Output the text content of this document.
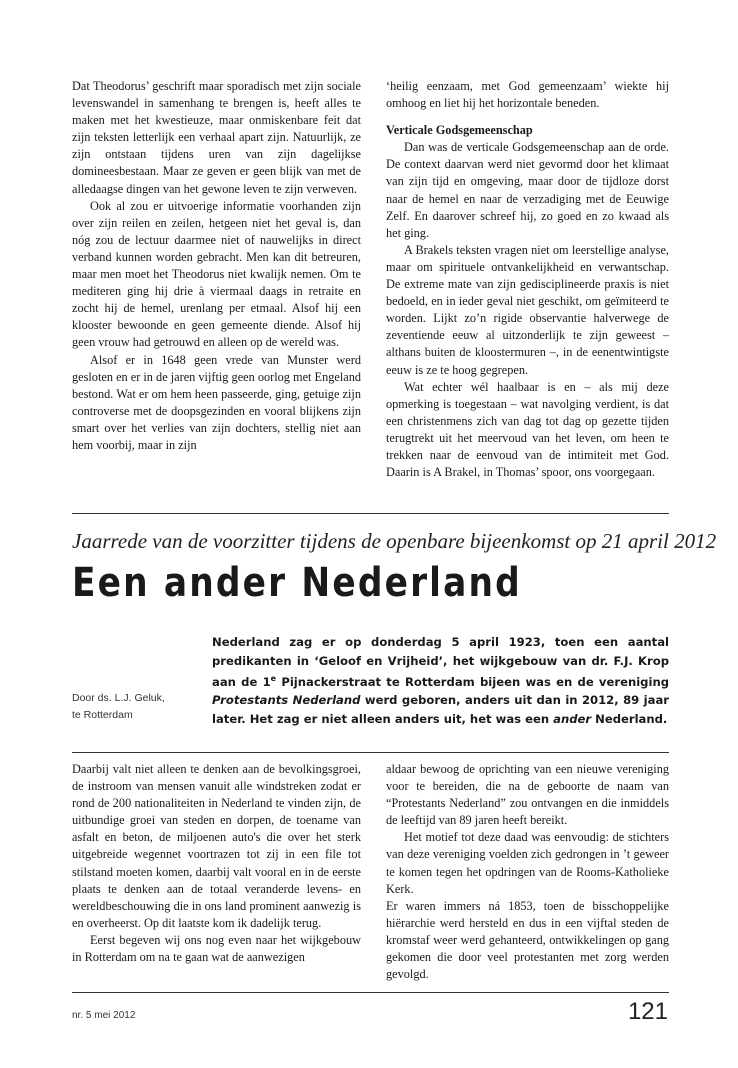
Dat Theodorus’ geschrift maar sporadisch met zijn sociale levenswandel in samenhang te brengen is, heeft alles te maken met het kwestieuze, maar onmiskenbare feit dat zijn teksten letterlijk een verhaal apart zijn. Natuurlijk, ze zijn ontstaan tijdens uren van zijn dagelijkse domineesbestaan. Maar ze geven er geen blijk van met de alledaagse dingen van het gewone leven te zijn verweven.

Ook al zou er uitvoerige informatie voorhanden zijn over zijn reilen en zeilen, hetgeen niet het geval is, dan nóg zou de lectuur daarmee niet of nauwelijks in direct verband kunnen worden gebracht. Men kan dit betreuren, maar men moet het Theodorus niet kwalijk nemen. Om te mediteren ging hij drie à viermaal daags in retraite en zocht hij de hemel, urenlang per etmaal. Alsof hij een klooster bewoonde en geen gemeente diende. Alsof hij geen vrouw had getrouwd en alleen op de wereld was.

Alsof er in 1648 geen vrede van Munster werd gesloten en er in de jaren vijftig geen oorlog met Engeland bestond. Wat er om hem heen passeerde, ging, getuige zijn controverse met de doopsgezinden en vooral blijkens zijn smart over het verlies van zijn dochters, stellig niet aan hem voorbij, maar in zijn

‘heilig eenzaam, met God gemeenzaam’ wiekte hij omhoog en liet hij het horizontale beneden.

Verticale Godsgemeenschap

Dan was de verticale Godsgemeenschap aan de orde. De context daarvan werd niet gevormd door het klimaat van zijn tijd en omgeving, maar door de tijdloze dorst naar de hemel en naar de verzadiging met de Eeuwige Zelf. En daarover schreef hij, zo goed en zo kwaad als het ging.

A Brakels teksten vragen niet om leerstellige analyse, maar om spirituele ontvankelijkheid en verwantschap. De extreme mate van zijn gedisciplineerde praxis is niet bedoeld, en in ieder geval niet geschikt, om geïmiteerd te worden. Lijkt zo’n rigide observantie halverwege de zeventiende eeuw al uitzonderlijk te zijn geweest – althans buiten de kloostermuren –, in de eenentwintigste eeuw is ze te hoog gegrepen.

Wat echter wél haalbaar is en – als mij deze opmerking is toegestaan – wat navolging verdient, is dat een christenmens zich van dag tot dag op gezette tijden terugtrekt uit het meervoud van het leven, om heen te trekken naar de eenvoud van de intimiteit met God. Daarin is A Brakel, in Thomas’ spoor, ons voorgegaan.

Jaarrede van de voorzitter tijdens de openbare bijeenkomst op 21 april 2012
Een ander Nederland
Door ds. L.J. Geluk,
te Rotterdam
Nederland zag er op donderdag 5 april 1923, toen een aantal predikanten in ‘Geloof en Vrijheid’, het wijkgebouw van dr. F.J. Krop aan de 1e Pijnackerstraat te Rotterdam bijeen was en de vereniging Protestants Nederland werd geboren, anders uit dan in 2012, 89 jaar later. Het zag er niet alleen anders uit, het was een ander Nederland.

Daarbij valt niet alleen te denken aan de bevolkingsgroei, de instroom van mensen vanuit alle windstreken zodat er rond de 200 nationaliteiten in Nederland te vinden zijn, de uitbundige groei van steden en dorpen, de toename van asfalt en beton, de miljoenen auto's die over het sterk uitgebreide wegennet voortrazen tot zij in een file tot stilstand moeten komen, daarbij valt vooral en in de eerste plaats te denken aan de totaal veranderde levens- en wereldbeschouwing die in ons land prominent aanwezig is en overheerst. Op dit laatste kom ik dadelijk terug.

Eerst begeven wij ons nog even naar het wijkgebouw in Rotterdam om na te gaan wat de aanwezigen

aldaar bewoog de oprichting van een nieuwe vereniging voor te bereiden, die na de geboorte de naam van “Protestants Nederland” zou ontvangen en die inmiddels de leeftijd van 89 jaren heeft bereikt.

Het motief tot deze daad was eenvoudig: de stichters van deze vereniging voelden zich gedrongen in ’t geweer te komen tegen het opdringen van de Rooms-Katholieke Kerk.

Er waren immers ná 1853, toen de bisschoppelijke hiërarchie werd hersteld en dus in een vijftal steden de kromstaf weer werd gehanteerd, ontwikkelingen op gang gekomen die door veel protestanten met zorg werden gevolgd.

nr. 5 mei 2012	121
